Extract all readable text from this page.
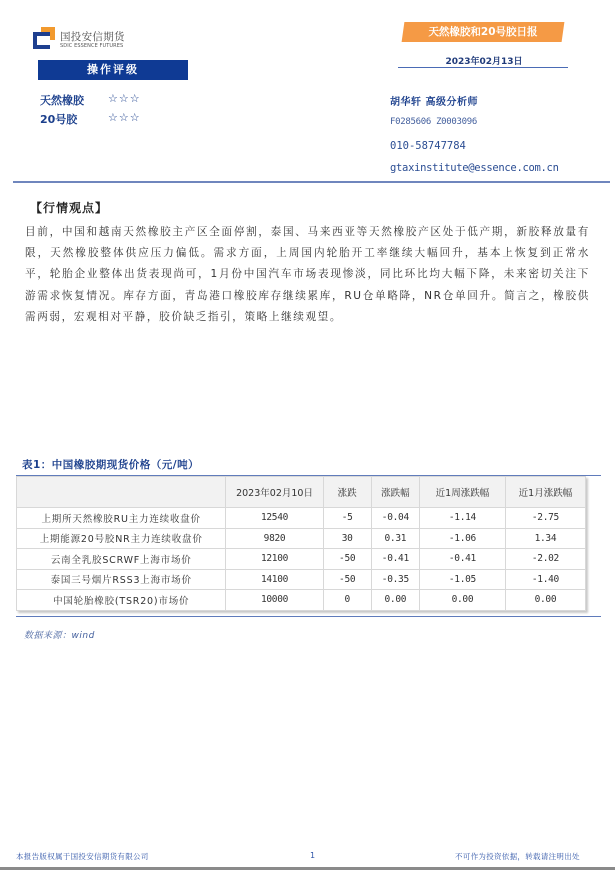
国投安信期货
SDIC ESSENCE FUTURES
操作评级
天然橡胶 ☆☆☆
20号胶	☆☆☆
天然橡胶和20号胶日报
2023年02月13日
胡华轩 高级分析师
F0285606 Z0003096
010-58747784
gtaxinstitute@essence.com.cn
【行情观点】
目前，中国和越南天然橡胶主产区全面停割，泰国、马来西亚等天然橡胶产区处于低产期，新胶释放量有限，天然橡胶整体供应压力偏低。需求方面，上周国内轮胎开工率继续大幅回升，基本上恢复到正常水平，轮胎企业整体出货表现尚可，1月份中国汽车市场表现惨淡，同比环比均大幅下降，未来密切关注下游需求恢复情况。库存方面，青岛港口橡胶库存继续累库，RU仓单略降，NR仓单回升。简言之，橡胶供需两弱，宏观相对平静，胶价缺乏指引，策略上继续观望。
表1：中国橡胶期现货价格（元/吨）
	2023年02月10日	涨跌	涨跌幅	近1周涨跌幅	近1月涨跌幅
上期所天然橡胶RU主力连续收盘价	12540	-5	-0.04	-1.14	-2.75
上期能源20号胶NR主力连续收盘价	9820	30	0.31	-1.06	1.34
云南全乳胶SCRWF上海市场价	12100	-50	-0.41	-0.41	-2.02
泰国三号烟片RSS3上海市场价	14100	-50	-0.35	-1.05	-1.40
中国轮胎橡胶(TSR20)市场价	10000	0	0.00	0.00	0.00
数据来源：wind
本报告版权属于国投安信期货有限公司	1	不可作为投资依据，转载请注明出处
